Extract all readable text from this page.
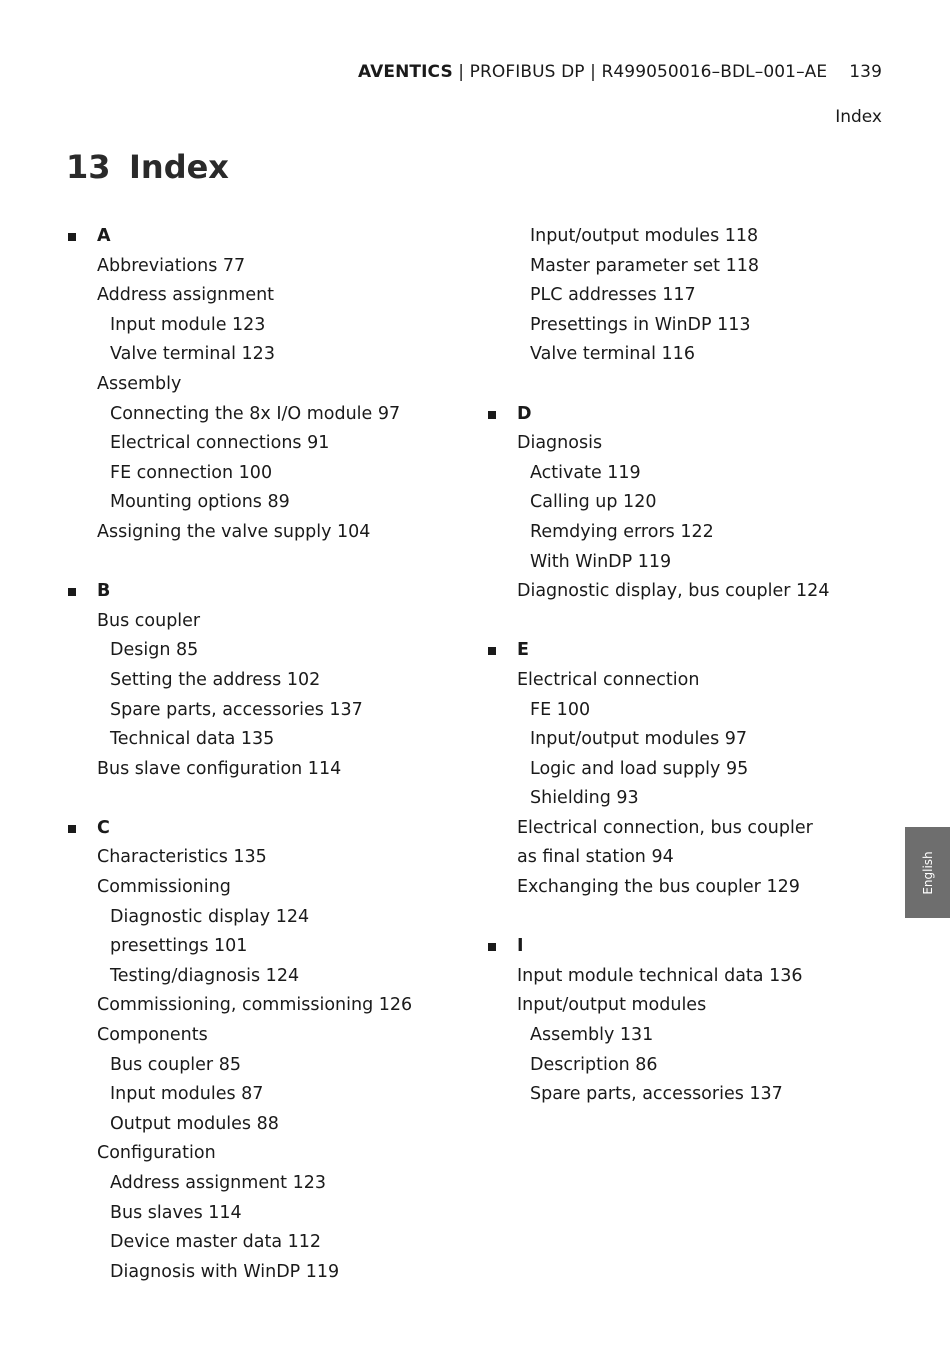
AVENTICS | PROFIBUS DP | R499050016–BDL–001–AE 139
Index
13 Index
A
Abbreviations 77
Address assignment
Input module 123
Valve terminal 123
Assembly
Connecting the 8x I/O module 97
Electrical connections 91
FE connection 100
Mounting options 89
Assigning the valve supply 104
B
Bus coupler
Design 85
Setting the address 102
Spare parts, accessories 137
Technical data 135
Bus slave configuration 114
C
Characteristics 135
Commissioning
Diagnostic display 124
presettings 101
Testing/diagnosis 124
Commissioning, commissioning 126
Components
Bus coupler 85
Input modules 87
Output modules 88
Configuration
Address assignment 123
Bus slaves 114
Device master data 112
Diagnosis with WinDP 119
Input/output modules 118
Master parameter set 118
PLC addresses 117
Presettings in WinDP 113
Valve terminal 116
D
Diagnosis
Activate 119
Calling up 120
Remdying errors 122
With WinDP 119
Diagnostic display, bus coupler 124
E
Electrical connection
FE 100
Input/output modules 97
Logic and load supply 95
Shielding 93
Electrical connection, bus coupler
as final station 94
Exchanging the bus coupler 129
I
Input module technical data 136
Input/output modules
Assembly 131
Description 86
Spare parts, accessories 137
English
